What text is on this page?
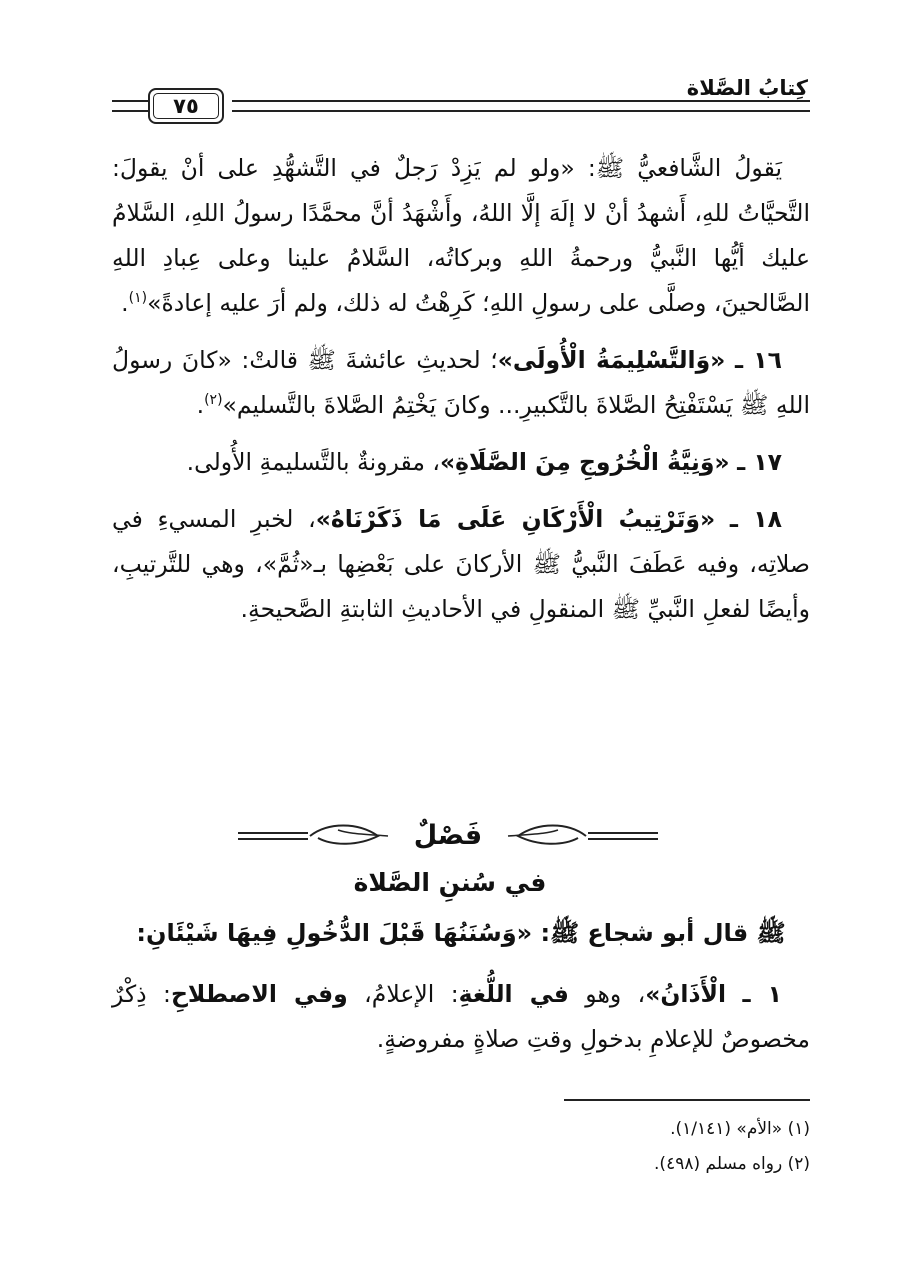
كِتابُ الصَّلاة
٧٥

يَقولُ الشَّافعيُّ ﷺ: «ولو لم يَزِدْ رَجلٌ في التَّشهُّدِ على أنْ يقولَ: التَّحيَّاتُ للهِ، أَشهدُ أنْ لا إلَهَ إلَّا اللهُ، وأَشْهَدُ أنَّ محمَّدًا رسولُ اللهِ، السَّلامُ عليك أيُّها النَّبيُّ ورحمةُ اللهِ وبركاتُه، السَّلامُ علينا وعلى عِبادِ اللهِ الصَّالحينَ، وصلَّى على رسولِ اللهِ؛ كَرِهْتُ له ذلك، ولم أرَ عليه إعادةً»$^{(١)}$.

١٦ ـ «وَالتَّسْلِيمَةُ الْأُولَى»؛ لحديثِ عائشةَ ﷺ قالتْ: «كانَ رسولُ اللهِ ﷺ يَسْتَفْتِحُ الصَّلاةَ بالتَّكبيرِ... وكانَ يَخْتِمُ الصَّلاةَ بالتَّسليم»$^{(٢)}$.

١٧ ـ «وَنِيَّةُ الْخُرُوجِ مِنَ الصَّلَاةِ»، مقرونةٌ بالتَّسليمةِ الأُولى.

١٨ ـ «وَتَرْتِيبُ الْأَرْكَانِ عَلَى مَا ذَكَرْنَاهُ»، لخبرِ المسيءِ في صلاتِه، وفيه عَطَفَ النَّبيُّ ﷺ الأركانَ على بَعْضِها بـ«ثُمَّ»، وهي للتَّرتيبِ، وأيضًا لفعلِ النَّبيِّ ﷺ المنقولِ في الأحاديثِ الثابتةِ الصَّحيحةِ.

فَصْلٌ
في سُننِ الصَّلاة
ﷺ قال أبو شجاع ﷺ: «وَسُنَنُهَا قَبْلَ الدُّخُولِ فِيهَا شَيْئَانِ:

١ ـ الْأَذَانُ»، وهو في اللُّغةِ: الإعلامُ، وفي الاصطلاحِ: ذِكْرٌ مخصوصٌ للإعلامِ بدخولِ وقتِ صلاةٍ مفروضةٍ.

(١) «الأم» (١/١٤١).

(٢) رواه مسلم (٤٩٨).
